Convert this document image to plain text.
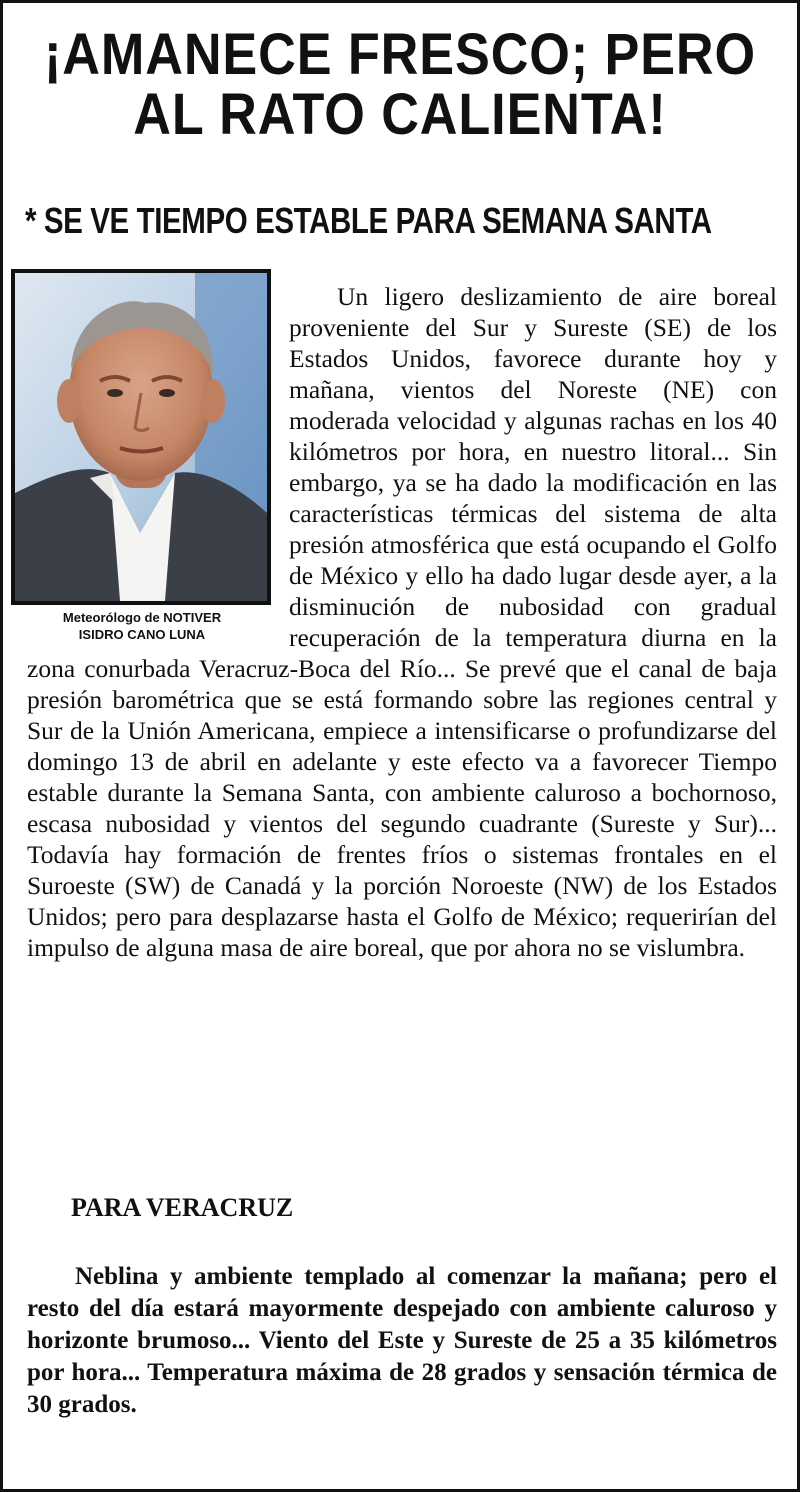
¡AMANECE FRESCO; PERO
AL RATO CALIENTA!
* SE VE TIEMPO ESTABLE PARA SEMANA SANTA
Meteorólogo de NOTIVER
ISIDRO CANO LUNA

Un ligero deslizamiento de aire boreal proveniente del Sur y Sureste (SE) de los Estados Unidos, favorece durante hoy y mañana, vientos del Noreste (NE) con moderada velocidad y algunas rachas en los 40 kilómetros por hora, en nuestro litoral... Sin embargo, ya se ha dado la modificación en las características térmicas del sistema de alta presión atmosférica que está ocupando el Golfo de México y ello ha dado lugar desde ayer, a la disminución de nubosidad con gradual recuperación de la temperatura diurna en la zona conurbada Veracruz-Boca del Río... Se prevé que el canal de baja presión barométrica que se está formando sobre las regiones central y Sur de la Unión Americana, empiece a intensificarse o profundizarse del domingo 13 de abril en adelante y este efecto va a favorecer Tiempo estable durante la Semana Santa, con ambiente caluroso a bochornoso, escasa nubosidad y vientos del segundo cuadrante (Sureste y Sur)... Todavía hay formación de frentes fríos o sistemas frontales en el Suroeste (SW) de Canadá y la porción Noroeste (NW) de los Estados Unidos; pero para desplazarse hasta el Golfo de México; requerirían del impulso de alguna masa de aire boreal, que por ahora no se vislumbra.

PARA VERACRUZ

Neblina y ambiente templado al comenzar la mañana; pero el resto del día estará mayormente despejado con ambiente caluroso y horizonte brumoso... Viento del Este y Sureste de 25 a 35 kilómetros por hora... Temperatura máxima de 28 grados y sensación térmica de 30 grados.
